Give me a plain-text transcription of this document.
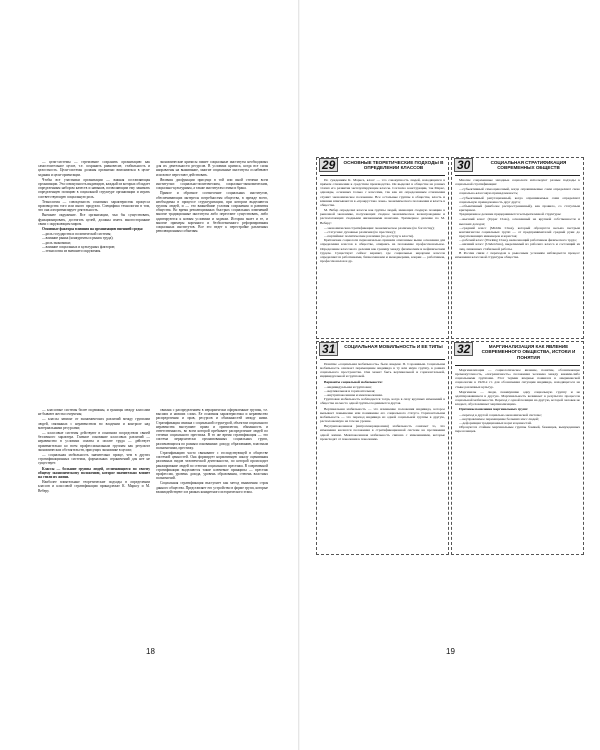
— цели-системы — стремление сохранить организацию как самостоятельное целое, т.е. сохранить равновесие, стабильность и целостность. Цели-системы должны органично вписываться в цели-задания и цели-ориентации.

Чтобы все участники организации — важная составляющая организации. Эта совокупность индивидов, каждый из которых обладает определенным набором качеств и навыков, позволяющим ему занимать определенную позицию в социальной структуре организации и играть соответствующую социальную роль.

Технология — совокупность основных характеристик процесса производства того или иного продукта. Специфика технологии в том, что она алгоритмизирует деятельность.

Внешнее окружение. Все организации, чьи бы существовать, функционировать, достигать целей, должны иметь многосторонние связи с окружающим миром.

Основные факторы влияния на организацию внешней среды:

— роль государства и политической системы;
— влияние рынка (конкуренты и рынок труда);
— роль экономики;
— влияние социальных и культурных факторов;
— технология из внешнего окружения.

экономические кризисы пишет социальные институты необходимых для их деятельности ресурсов. В условиях кризиса, когда все силы направлены на выживание, многие социальные институты ослабевают или вовсе перестают действовать.

Явления дисфункции присущи в той или иной степени всем институтам: социально-политическим, социально-экономическим, социально-культурным, а также институтам семьи и брака.

Прямое и обратное соотнесение социальных институтов, обеспечивающих интересы потребностям общества, в прежде всего, необходимы в процессе структуризации, при котором выделяются группы людей, и — это важнейшие условия сохранения и развития общества. Во время революционных быстрых социальных изменений многие традиционные институты либо перестают существовать, либо адаптируются к новым условиям и задачам. История знает и те, и многие примеры коренного и безболезненного реформирования социальных институтов. Все это ведет к перестройке различных революционным событиям.

— классовые системы более подвижны, и границы между классами не бывают жестко очерчены;

— классы зависят от экономических различий между группами людей, связанных с неравенством во владении и контроле над материальными ресурсами;

— классовые системы действуют в основном посредством связей безличного характера. Главное основание классовых различий — неравенство в условиях оплаты и оплате труда — действует применительно ко всем профессиональным группам как результат экономических обстоятельств, присущих экономике в целом;

— социальная мобильность значительно проще, чем в других стратификационных системах, формальных ограничений для нее не существует.

Классы — большие группы людей, отличающиеся по своему общему экономическому положению, которое значительно влияет на стили их жизни.

Наиболее влиятельные теоретические подходы в определении классов и классовой стратификации принадлежат К. Марксу и М. Веберу.

связана с распределением в иерархически оформленные группы, т.е. высших и низших слоях. Ее основная характеристика и неравенство распределения и прав, ресурсов и обязанностей между ними. Стратификация связана с социальной структурой, объектом социального неравенства выступают права и привилегии, обязанность и ответственность, во всем которой пребывает распределение людей по степени социального престижа. В то же время стратификация — это система иерархически организованных социальных групп, различающихся по разным основаниям: доходу, образованию, властным полномочиям, престижу.

Стратификацию часто связывают с господствующей в обществе системой ценностей. Она формирует нормативную шкалу оценивания различных видов человеческой деятельности, по которой происходит ранжирование людей по степени социального престижа. В современной стратификации выделяются такие ключевые принципы — престиж профессии, уровень дохода, уровень образования, степень властных полномочий.

Социальная стратификация выступает как метод выявления строя данного общества. Представляет его устройство в форме групп, которые взаимодействуют и в рамках конкретного исторического этапа.

18
29	ОСНОВНЫЕ ТЕОРЕТИЧЕСКИЕ ПОДХОДЫ В ОПРЕДЕЛЕНИИ КЛАССОВ

По суждениям К. Маркса, класс — это совокупность людей, находящихся в прямом отношении к средствам производства. Он выделял в обществе на разных этапах его развития эксплуатирующие классы. Согласно конструкции, так Маркс, однажды, основных только с классами, так как их определенным отношения служит экономическое положение. Все остальные группы в обществе, власть и влияние вписываются в «прокрустово ложе» экономического положения и власть в обществе.

М. Вебер определил классы как группы людей, имеющих сходную позицию в рыночной экономике, получающих сходное экономическое вознаграждение и располагающих сходными жизненными шансами. Трехмерное деление по М. Веберу:

— экономическая стратификация: экономическое различие (по богатству);
— статусная: духовные различия (по престижу);
— партийная: политические различия (по доступу к власти).

Британские социологи первоначально приняли описанные выше основания для определения классов в обществе, опираясь на положение профессиональное. Определение классового деления как границу между физическим и нефизическим трудом. Существует сейчас вариант, где социальные иерархии классов определяются работниками, бизнесменами и менеджерами, клерки — работников, профессионалов и др.

30	СОЦИАЛЬНАЯ СТРАТИФИКАЦИЯ СОВРЕМЕННЫХ ОБЩЕСТВ

Многие современные западные социологи используют разные подходы к социальной стратификации:

— субъективный самооценочный, когда опрашиваемые сами определяют свою социально-классовую принадлежность;
— субъективный репутационный, когда опрашиваемые сами определяют социальную принадлежность друг друга;
— объективный (наиболее распространенный), как правило, со статусным критерием.

Традиционное деление придерживается четырехчленной структуры:

— высший класс (Upper Class), основанный на крупной собственности и высоких доходах;
— средний класс (Middle Class), который образуется весьма пестрым контингентом социальных групп — от предпринимателей средней руки до преуспевающих инженеров и юристов;
— рабочий класс (Working Class), включающий работников физического труда;
— низший класс (Underclass), выделяемый из рабочего класса и состоящий из лиц, лишенных стабильной работы.

В России связи с переходом к рыночным условиям наблюдается процесс изменения классовой структуры общества.

31	СОЦИАЛЬНАЯ МОБИЛЬНОСТЬ И ЕЕ ТИПЫ

Понятие «социальная мобильность» было введено П. Сорокиным. Социальная мобильность означает перемещение индивида в ту или иную группу, в рамках социального пространства. Она может быть вертикальной и горизонтальной, индивидуальной и групповой.

Варианты социальной мобильности:

— индивидуальная и групповая;
— вертикальная и горизонтальная;
— внутрипоколенная и межпоколенная.

Групповая мобильность наблюдается тогда, когда в силу крупных изменений в обществе на место одной группы поднимается другая.

Вертикальная мобильность — это изменение положения индивида, которое вызывает повышение или понижение его социального статуса. Горизонтальная мобильность — это переход индивида из одной социальной группы в другую, расположенную на том же уровне.

Внутрипоколенная (интрагенерационная) мобильность означает то, что изменения касаются положения в стратификационной системе на протяжении одной жизни. Межпоколенная мобильность связана с изменениями, которые происходят от поколения к поколению.

32	МАРГИНАЛИЗАЦИЯ КАК ЯВЛЕНИЕ СОВРЕМЕННОГО ОБЩЕСТВА, ИСТОКИ И ПОНЯТИЯ

Маргинализация — социологическое явление, понятие, обозначающее промежуточность, «пограничность» положения человека между какими-либо социальными группами. Этот термин впервые появился в американской социологии в 1920-х гг. для обозначения ситуации индивида, находящегося на стыке различных культур.

Маргиналы — люди, покинувшие одну социальную группу и не адаптировавшиеся в другую. Маргинальность возникает в результате процессов социальной мобильности. Переход с одной позиции на другую, которой человек не владеет, обусловливает маргинализацию.

Причины появления маргинальных групп:

— переход к другой социально-экономической системе;
— неуправляемое перемещение больших масс людей;
— деформация традиционных норм и ценностей.

Образуются стойкие маргинальные группы бомжей, беженцев, вынужденных переселенцев.

19
